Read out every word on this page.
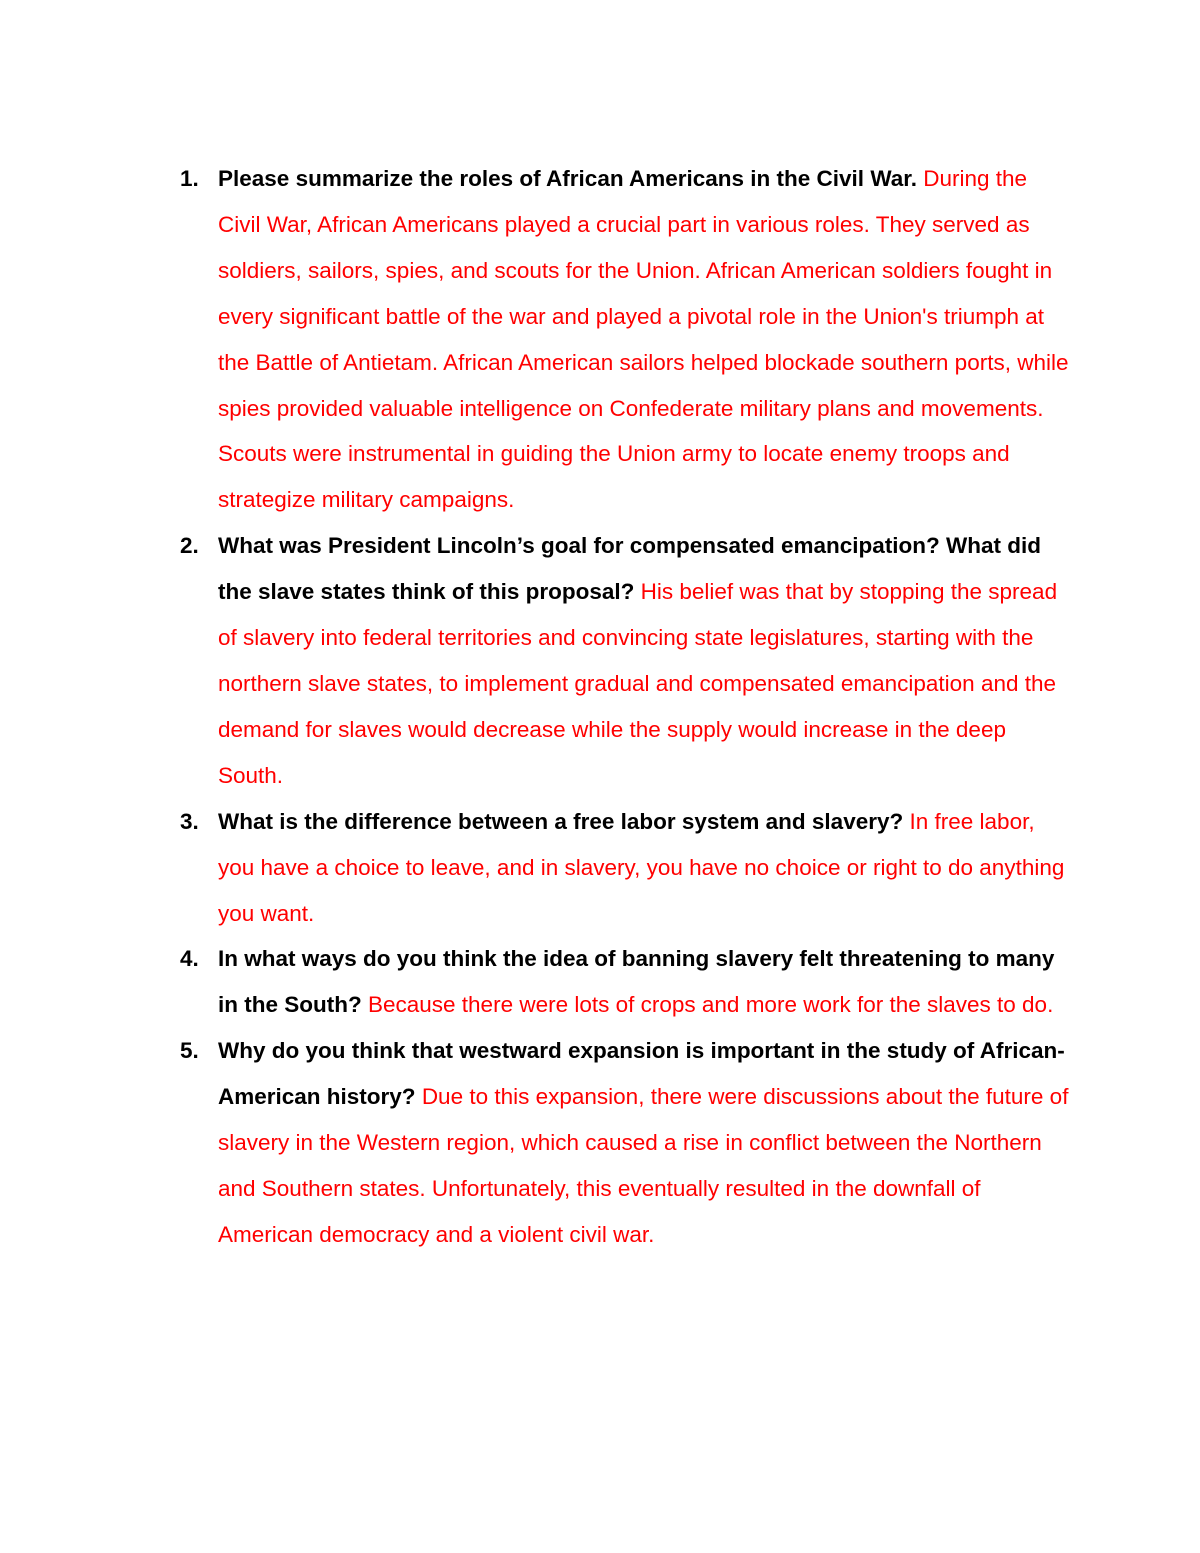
1. Please summarize the roles of African Americans in the Civil War. During the Civil War, African Americans played a crucial part in various roles. They served as soldiers, sailors, spies, and scouts for the Union. African American soldiers fought in every significant battle of the war and played a pivotal role in the Union's triumph at the Battle of Antietam. African American sailors helped blockade southern ports, while spies provided valuable intelligence on Confederate military plans and movements. Scouts were instrumental in guiding the Union army to locate enemy troops and strategize military campaigns.
2. What was President Lincoln’s goal for compensated emancipation? What did the slave states think of this proposal? His belief was that by stopping the spread of slavery into federal territories and convincing state legislatures, starting with the northern slave states, to implement gradual and compensated emancipation and the demand for slaves would decrease while the supply would increase in the deep South.
3. What is the difference between a free labor system and slavery? In free labor, you have a choice to leave, and in slavery, you have no choice or right to do anything you want.
4. In what ways do you think the idea of banning slavery felt threatening to many in the South? Because there were lots of crops and more work for the slaves to do.
5. Why do you think that westward expansion is important in the study of African-American history? Due to this expansion, there were discussions about the future of slavery in the Western region, which caused a rise in conflict between the Northern and Southern states. Unfortunately, this eventually resulted in the downfall of American democracy and a violent civil war.
